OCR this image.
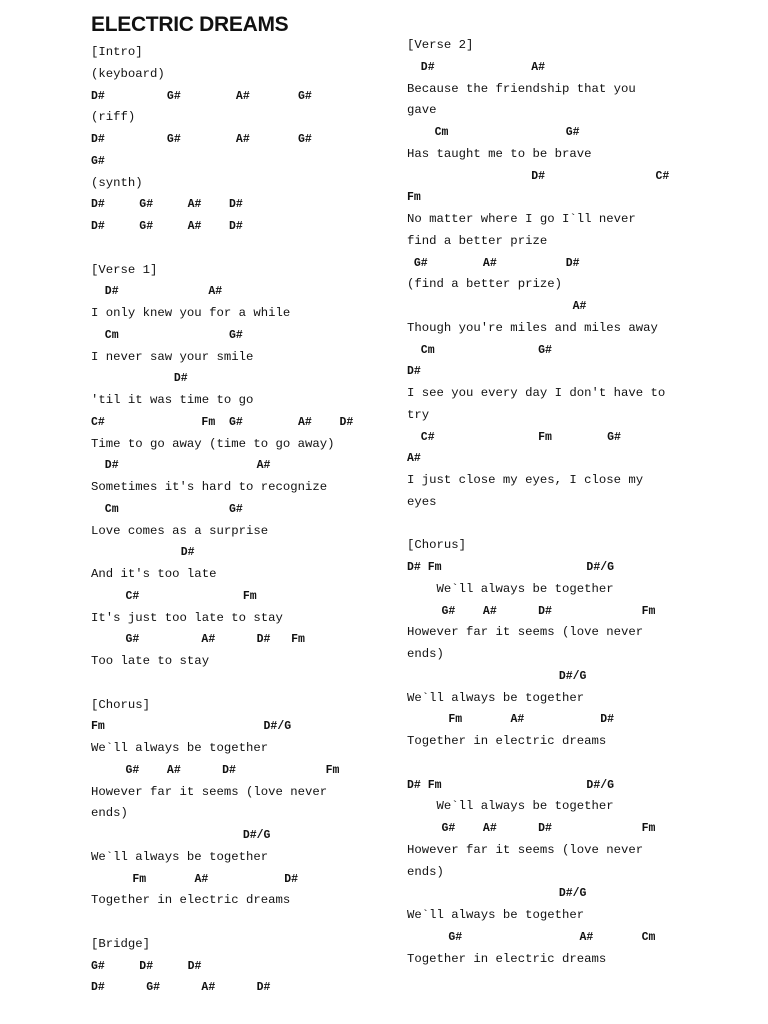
ELECTRIC DREAMS
[Intro]
(keyboard)
D#         G#        A#       G#
(riff)
D#         G#        A#       G#
G#
(synth)
D#     G#     A#    D#
D#     G#     A#    D#
[Verse 1]
D#             A#
I only knew you for a while
Cm                G#
I never saw your smile
D#
'til it was time to go
C#              Fm  G#        A#    D#
Time to go away (time to go away)
D#                    A#
Sometimes it's hard to recognize
Cm                G#
Love comes as a surprise
D#
And it's too late
C#               Fm
It's just too late to stay
G#         A#      D#   Fm
Too late to stay
[Chorus]
Fm                       D#/G
We`ll always be together
G#    A#      D#             Fm
However far it seems (love never
ends)
D#/G
We`ll always be together
Fm       A#           D#
Together in electric dreams
[Bridge]
G#     D#     D#
D#      G#      A#      D#
[Verse 2]
D#              A#
Because the friendship that you
gave
Cm                 G#
Has taught me to be brave
D#                C#
Fm
No matter where I go I`ll never
find a better prize
G#        A#          D#
(find a better prize)
A#
Though you're miles and miles away
Cm               G#
D#
I see you every day I don't have to
try
C#               Fm        G#
A#
I just close my eyes, I close my
eyes
[Chorus]
D# Fm                     D#/G
We`ll always be together
G#    A#      D#             Fm
However far it seems (love never
ends)
D#/G
We`ll always be together
Fm       A#           D#
Together in electric dreams
D# Fm                     D#/G
We`ll always be together
G#    A#      D#             Fm
However far it seems (love never
ends)
D#/G
We`ll always be together
G#                 A#       Cm
Together in electric dreams
